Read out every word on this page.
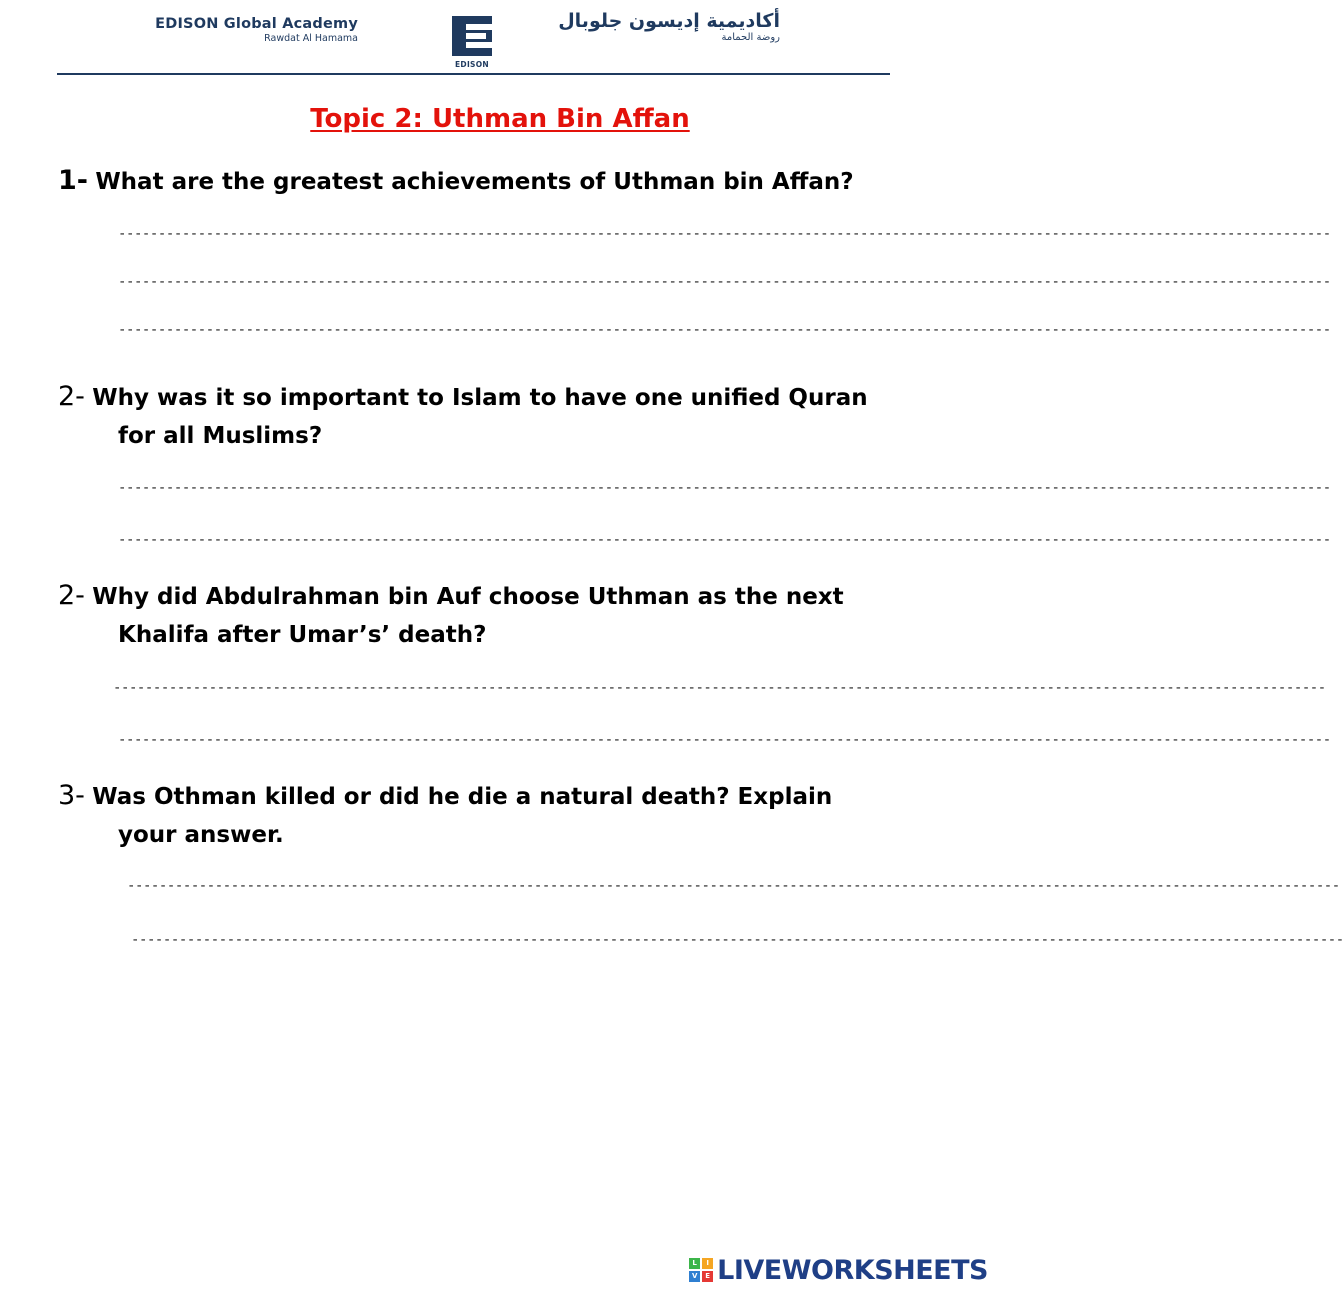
EDISON Global Academy
Rawdat Al Hamama
EDISON
أكاديمية إديسون جلوبال
روضة الحمامة
Topic 2: Uthman Bin Affan
1- What are the greatest achievements of Uthman bin Affan?
--------------------------------------------------------------------------------------------------------------------------------------------------------
--------------------------------------------------------------------------------------------------------------------------------------------------------
--------------------------------------------------------------------------------------------------------------------------------------------------------
2- Why was it so important to Islam to have one unified Quran
for all Muslims?
--------------------------------------------------------------------------------------------------------------------------------------------------------
--------------------------------------------------------------------------------------------------------------------------------------------------------
2- Why did Abdulrahman bin Auf choose Uthman as the next
Khalifa after Umar’s’ death?
--------------------------------------------------------------------------------------------------------------------------------------------------------
--------------------------------------------------------------------------------------------------------------------------------------------------------
3- Was Othman killed or did he die a natural death? Explain
your answer.
--------------------------------------------------------------------------------------------------------------------------------------------------------
--------------------------------------------------------------------------------------------------------------------------------------------------------
L	I
V	E LIVEWORKSHEETS
